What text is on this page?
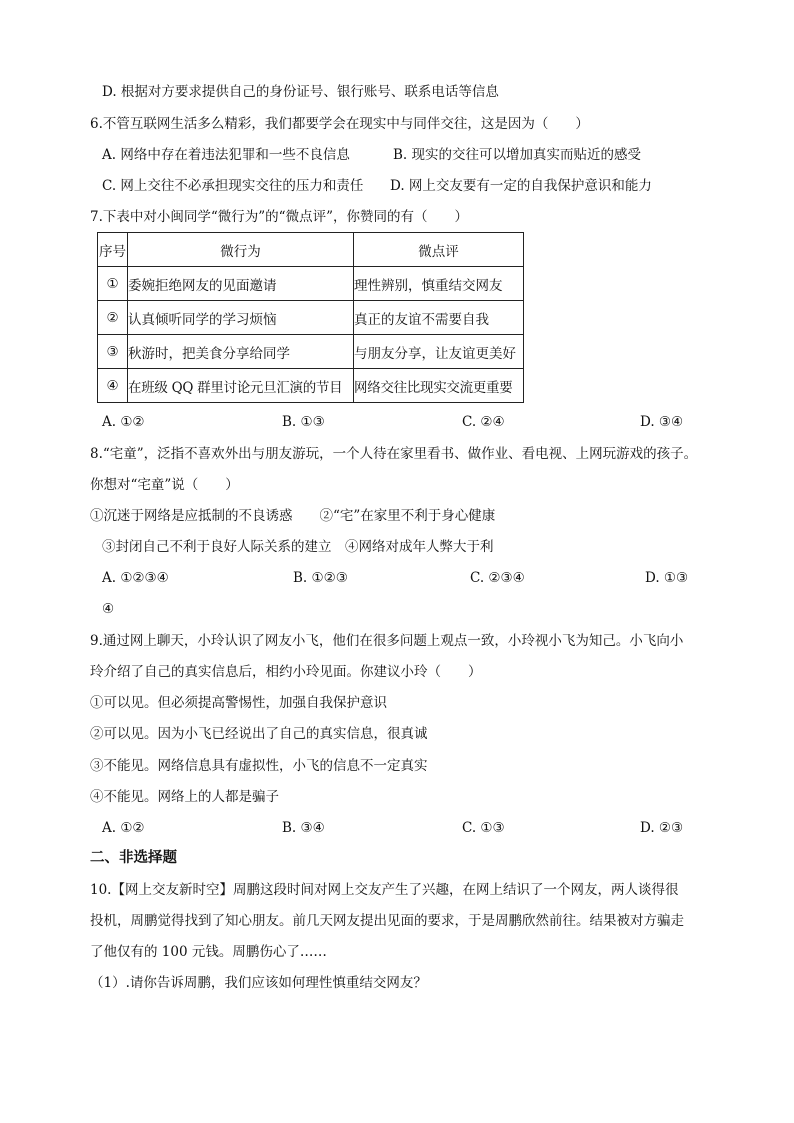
D. 根据对方要求提供自己的身份证号、银行账号、联系电话等信息
6.不管互联网生活多么精彩，我们都要学会在现实中与同伴交往，这是因为（　　）
A. 网络中存在着违法犯罪和一些不良信息	B. 现实的交往可以增加真实而贴近的感受
C. 网上交往不必承担现实交往的压力和责任 D. 网上交友要有一定的自我保护意识和能力
7.下表中对小闽同学“微行为”的“微点评”，你赞同的有（　　）
序号	微行为	微点评
①	委婉拒绝网友的见面邀请	理性辨别，慎重结交网友
②	认真倾听同学的学习烦恼	真正的友谊不需要自我
③	秋游时，把美食分享给同学	与朋友分享，让友谊更美好
④	在班级 QQ 群里讨论元旦汇演的节目	网络交往比现实交流更重要
A. ①②	B. ①③	C. ②④	D. ③④
8.“宅童”，泛指不喜欢外出与朋友游玩，一个人待在家里看书、做作业、看电视、上网玩游戏的孩子。
你想对“宅童”说（　　）
①沉迷于网络是应抵制的不良诱惑　　②“宅”在家里不利于身心健康
③封闭自己不利于良好人际关系的建立　④网络对成年人弊大于利
A. ①②③④	B. ①②③	C. ②③④	D. ①③
④
9.通过网上聊天，小玲认识了网友小飞，他们在很多问题上观点一致，小玲视小飞为知己。小飞向小
玲介绍了自己的真实信息后，相约小玲见面。你建议小玲（　　）
①可以见。但必须提高警惕性，加强自我保护意识
②可以见。因为小飞已经说出了自己的真实信息，很真诚
③不能见。网络信息具有虚拟性，小飞的信息不一定真实
④不能见。网络上的人都是骗子
A. ①②	B. ③④	C. ①③	D. ②③
二、非选择题
10.【网上交友新时空】周鹏这段时间对网上交友产生了兴趣，在网上结识了一个网友，两人谈得很
投机，周鹏觉得找到了知心朋友。前几天网友提出见面的要求，于是周鹏欣然前往。结果被对方骗走
了他仅有的 100 元钱。周鹏伤心了……
（1）.请你告诉周鹏，我们应该如何理性慎重结交网友？
